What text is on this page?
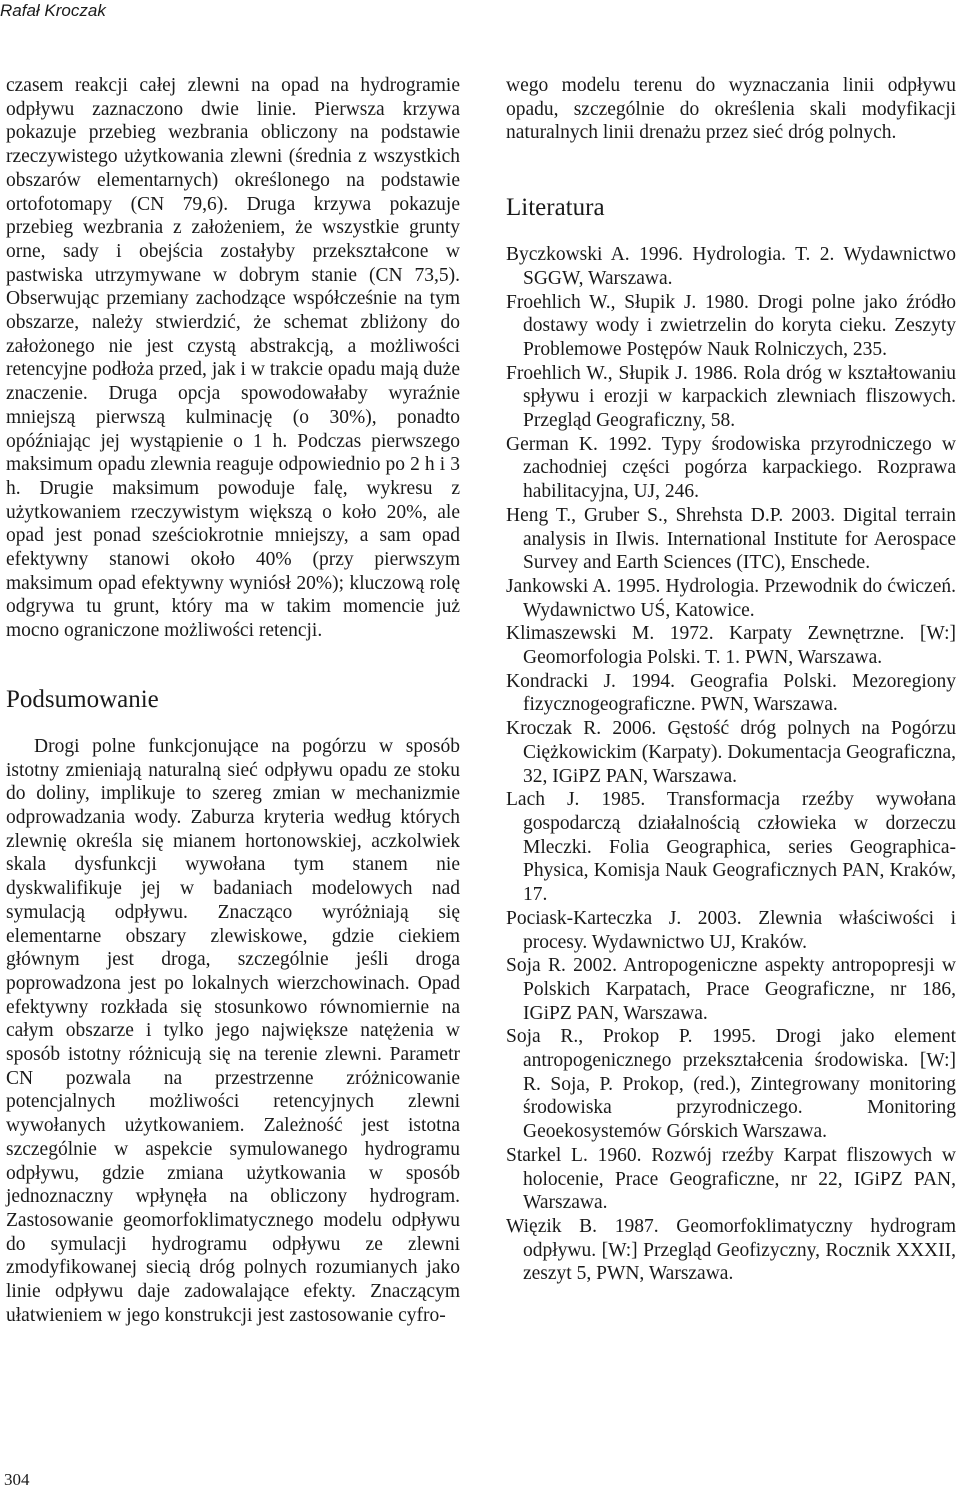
Rafał Kroczak

czasem reakcji całej zlewni na opad na hydrogramie odpływu zaznaczono dwie linie. Pierwsza krzywa pokazuje przebieg wezbrania obliczony na podstawie rzeczywistego użytkowania zlewni (średnia z wszystkich obszarów elementarnych) określonego na podstawie ortofotomapy (CN 79,6). Druga krzywa pokazuje przebieg wezbrania z założeniem, że wszystkie grunty orne, sady i obejścia zostałyby przekształcone w pastwiska utrzymywane w dobrym stanie (CN 73,5). Obserwując przemiany zachodzące współcześnie na tym obszarze, należy stwierdzić, że schemat zbliżony do założonego nie jest czystą abstrakcją, a możliwości retencyjne podłoża przed, jak i w trakcie opadu mają duże znaczenie. Druga opcja spowodowałaby wyraźnie mniejszą pierwszą kulminację (o 30%), ponadto opóźniając jej wystąpienie o 1 h. Podczas pierwszego maksimum opadu zlewnia reaguje odpowiednio po 2 h i 3 h. Drugie maksimum powoduje falę, wykresu z użytkowaniem rzeczywistym większą o koło 20%, ale opad jest ponad sześciokrotnie mniejszy, a sam opad efektywny stanowi około 40% (przy pierwszym maksimum opad efektywny wyniósł 20%); kluczową rolę odgrywa tu grunt, który ma w takim momencie już mocno ograniczone możliwości retencji.

Podsumowanie

Drogi polne funkcjonujące na pogórzu w sposób istotny zmieniają naturalną sieć odpływu opadu ze stoku do doliny, implikuje to szereg zmian w mechanizmie odprowadzania wody. Zaburza kryteria według których zlewnię określa się mianem hortonowskiej, aczkolwiek skala dysfunkcji wywołana tym stanem nie dyskwalifikuje jej w badaniach modelowych nad symulacją odpływu. Znacząco wyróżniają się elementarne obszary zlewiskowe, gdzie ciekiem głównym jest droga, szczególnie jeśli droga poprowadzona jest po lokalnych wierzchowinach. Opad efektywny rozkłada się stosunkowo równomiernie na całym obszarze i tylko jego największe natężenia w sposób istotny różnicują się na terenie zlewni. Parametr CN pozwala na przestrzenne zróżnicowanie potencjalnych możliwości retencyjnych zlewni wywołanych użytkowaniem. Zależność jest istotna szczególnie w aspekcie symulowanego hydrogramu odpływu, gdzie zmiana użytkowania w sposób jednoznaczny wpłynęła na obliczony hydrogram. Zastosowanie geomorfoklimatycznego modelu odpływu do symulacji hydrogramu odpływu ze zlewni zmodyfikowanej siecią dróg polnych rozumianych jako linie odpływu daje zadowalające efekty. Znaczącym ułatwieniem w jego konstrukcji jest zastosowanie cyfro-

wego modelu terenu do wyznaczania linii odpływu opadu, szczególnie do określenia skali modyfikacji naturalnych linii drenażu przez sieć dróg polnych.

Literatura
Byczkowski A. 1996. Hydrologia. T. 2. Wydawnictwo SGGW, Warszawa.
Froehlich W., Słupik J. 1980. Drogi polne jako źródło dostawy wody i zwietrzelin do koryta cieku. Zeszyty Problemowe Postępów Nauk Rolniczych, 235.
Froehlich W., Słupik J. 1986. Rola dróg w kształtowaniu spływu i erozji w karpackich zlewniach fliszowych. Przegląd Geograficzny, 58.
German K. 1992. Typy środowiska przyrodniczego w zachodniej części pogórza karpackiego. Rozprawa habilitacyjna, UJ, 246.
Heng T., Gruber S., Shrehsta D.P. 2003. Digital terrain analysis in Ilwis. International Institute for Aerospace Survey and Earth Sciences (ITC), Enschede.
Jankowski A. 1995. Hydrologia. Przewodnik do ćwiczeń. Wydawnictwo UŚ, Katowice.
Klimaszewski M. 1972. Karpaty Zewnętrzne. [W:] Geomorfologia Polski. T. 1. PWN, Warszawa.
Kondracki J. 1994. Geografia Polski. Mezoregiony fizycznogeograficzne. PWN, Warszawa.
Kroczak R. 2006. Gęstość dróg polnych na Pogórzu Ciężkowickim (Karpaty). Dokumentacja Geograficzna, 32, IGiPZ PAN, Warszawa.
Lach J. 1985. Transformacja rzeźby wywołana gospodarczą działalnością człowieka w dorzeczu Mleczki. Folia Geographica, series Geographica-Physica, Komisja Nauk Geograficznych PAN, Kraków, 17.
Pociask-Karteczka J. 2003. Zlewnia właściwości i procesy. Wydawnictwo UJ, Kraków.
Soja R. 2002. Antropogeniczne aspekty antropopresji w Polskich Karpatach, Prace Geograficzne, nr 186, IGiPZ PAN, Warszawa.
Soja R., Prokop P. 1995. Drogi jako element antropogenicznego przekształcenia środowiska. [W:] R. Soja, P. Prokop, (red.), Zintegrowany monitoring środowiska przyrodniczego. Monitoring Geoekosystemów Górskich Warszawa.
Starkel L. 1960. Rozwój rzeźby Karpat fliszowych w holocenie, Prace Geograficzne, nr 22, IGiPZ PAN, Warszawa.
Więzik B. 1987. Geomorfoklimatyczny hydrogram odpływu. [W:] Przegląd Geofizyczny, Rocznik XXXII, zeszyt 5, PWN, Warszawa.
304
